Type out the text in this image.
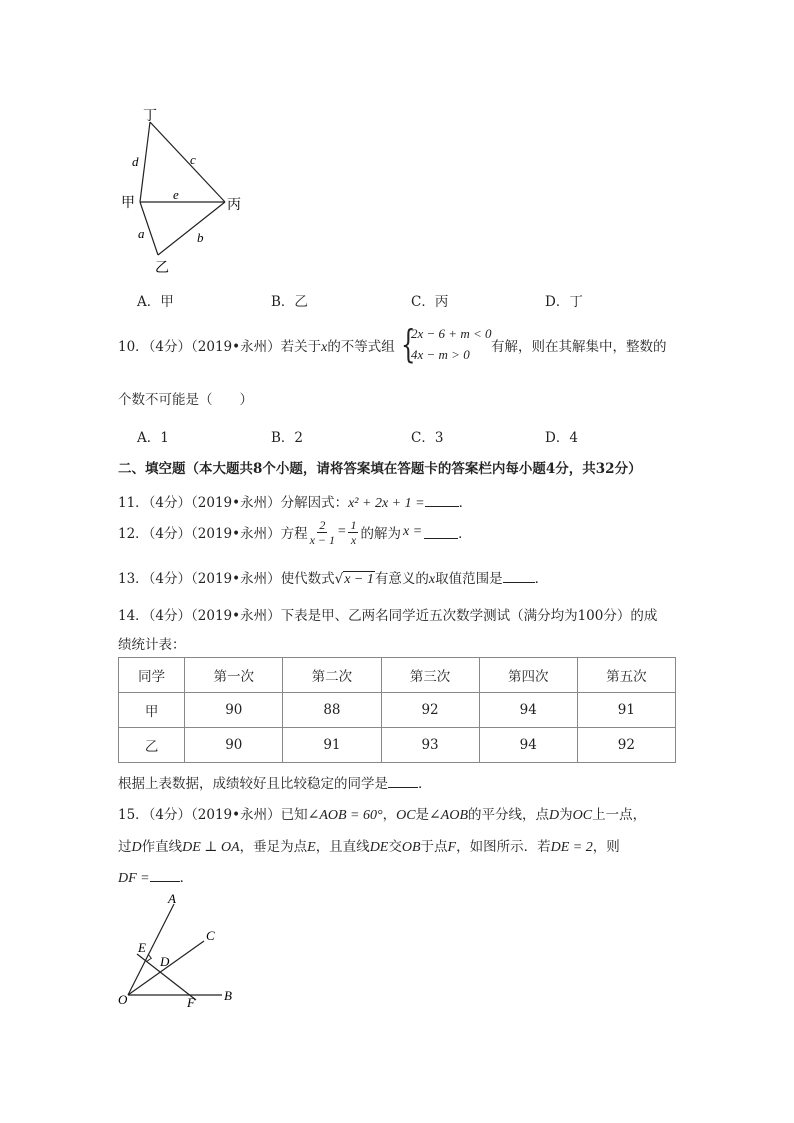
丁
甲	丙
乙
d	c
e
a	b
A．甲	B．乙	C．丙	D．丁
10．（4分）（2019•永州）若关于x的不等式组 {
2x − 6 + m < 0
4x − m > 0 有解，则在其解集中，整数的
个数不可能是（　　）
A．1	B．2	C．3	D．4
二、填空题（本大题共8个小题，请将答案填在答题卡的答案栏内每小题4分，共32分）
11．（4分）（2019•永州）分解因式：x² + 2x + 1 =	．
12．（4分）（2019•永州）方程 $\frac{2}{x - 1} = \frac{1}{x}$ 的解为 x =	．
13．（4分）（2019•永州）使代数式√x − 1有意义的x取值范围是 ．
14．（4分）（2019•永州）下表是甲、乙两名同学近五次数学测试（满分均为100分）的成
绩统计表：
同学	第一次	第二次	第三次	第四次	第五次
甲	90	88	92	94	91
乙	90	91	93	94	92
根据上表数据，成绩较好且比较稳定的同学是 ．
15．（4分）（2019•永州）已知∠AOB = 60°，OC是∠AOB的平分线，点D为OC上一点，
过D作直线DE ⊥ OA，垂足为点E，且直线DE交OB于点F，如图所示．若DE = 2，则
DF = ．
A
C
E
D
O	F B
